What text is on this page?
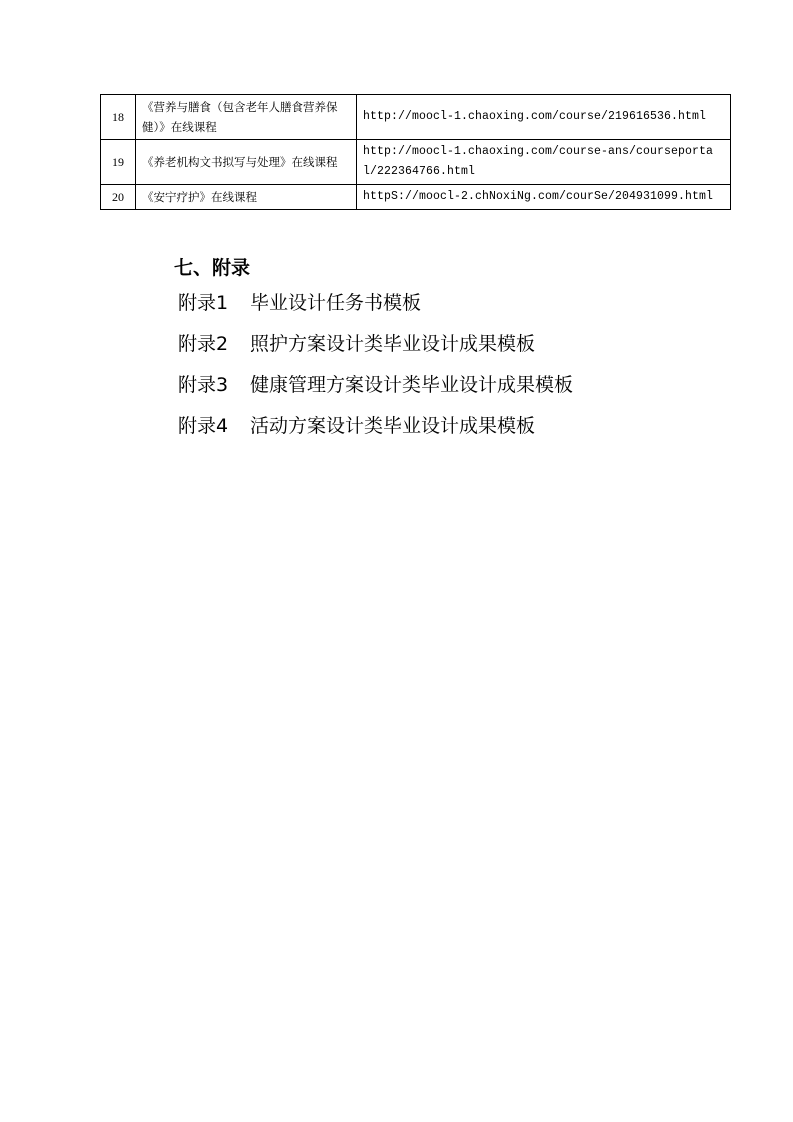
18	《营养与膳食（包含老年人膳食营养保健）》在线课程	http://moocl-1.chaoxing.com/course/219616536.html
19	《养老机构文书拟写与处理》在线课程	http://moocl-1.chaoxing.com/course-ans/courseportal/222364766.html
20	《安宁疗护》在线课程	httpS://moocl-2.chNoxiNg.com/courSe/204931099.html
七、附录
附录1	毕业设计任务书模板
附录2	照护方案设计类毕业设计成果模板
附录3	健康管理方案设计类毕业设计成果模板
附录4	活动方案设计类毕业设计成果模板
